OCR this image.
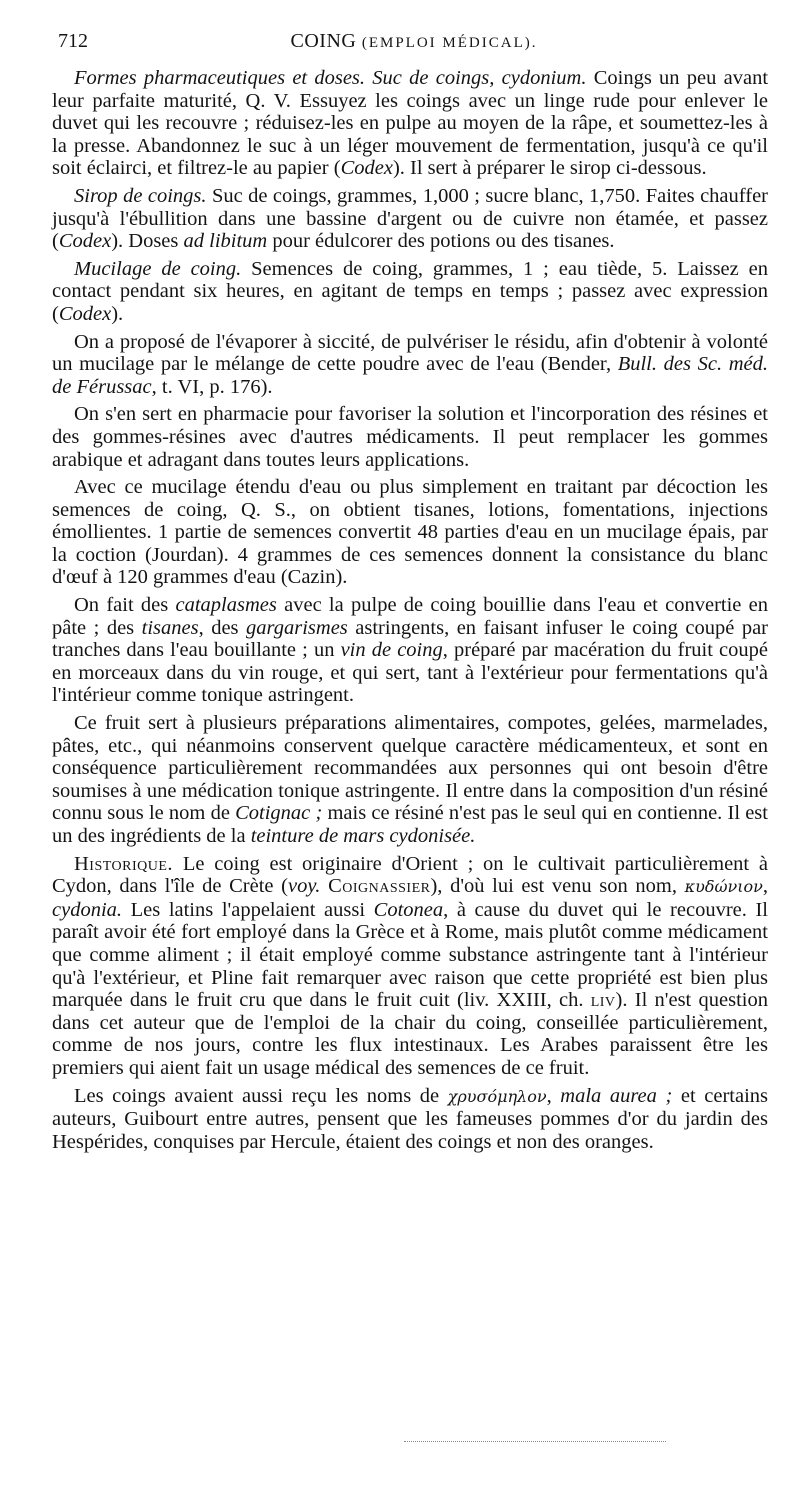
712	COING (EMPLOI MÉDICAL).

Formes pharmaceutiques et doses. Suc de coings, cydonium. Coings un peu avant leur parfaite maturité, Q. V. Essuyez les coings avec un linge rude pour enlever le duvet qui les recouvre ; réduisez-les en pulpe au moyen de la râpe, et soumettez-les à la presse. Abandonnez le suc à un léger mouvement de fermentation, jusqu'à ce qu'il soit éclairci, et filtrez-le au papier (Codex). Il sert à préparer le sirop ci-dessous.

Sirop de coings. Suc de coings, grammes, 1,000 ; sucre blanc, 1,750. Faites chauffer jusqu'à l'ébullition dans une bassine d'argent ou de cuivre non étamée, et passez (Codex). Doses ad libitum pour édulcorer des potions ou des tisanes.

Mucilage de coing. Semences de coing, grammes, 1 ; eau tiède, 5. Laissez en contact pendant six heures, en agitant de temps en temps ; passez avec expression (Codex).

On a proposé de l'évaporer à siccité, de pulvériser le résidu, afin d'obtenir à volonté un mucilage par le mélange de cette poudre avec de l'eau (Bender, Bull. des Sc. méd. de Férussac, t. VI, p. 176).

On s'en sert en pharmacie pour favoriser la solution et l'incorporation des résines et des gommes-résines avec d'autres médicaments. Il peut remplacer les gommes arabique et adragant dans toutes leurs applications.

Avec ce mucilage étendu d'eau ou plus simplement en traitant par décoction les semences de coing, Q. S., on obtient tisanes, lotions, fomentations, injections émollientes. 1 partie de semences convertit 48 parties d'eau en un mucilage épais, par la coction (Jourdan). 4 grammes de ces semences donnent la consistance du blanc d'œuf à 120 grammes d'eau (Cazin).

On fait des cataplasmes avec la pulpe de coing bouillie dans l'eau et convertie en pâte ; des tisanes, des gargarismes astringents, en faisant infuser le coing coupé par tranches dans l'eau bouillante ; un vin de coing, préparé par macération du fruit coupé en morceaux dans du vin rouge, et qui sert, tant à l'extérieur pour fermentations qu'à l'intérieur comme tonique astringent.

Ce fruit sert à plusieurs préparations alimentaires, compotes, gelées, marmelades, pâtes, etc., qui néanmoins conservent quelque caractère médicamenteux, et sont en conséquence particulièrement recommandées aux personnes qui ont besoin d'être soumises à une médication tonique astringente. Il entre dans la composition d'un résiné connu sous le nom de Cotignac ; mais ce résiné n'est pas le seul qui en contienne. Il est un des ingrédients de la teinture de mars cydonisée.

Historique. Le coing est originaire d'Orient ; on le cultivait particulièrement à Cydon, dans l'île de Crète (voy. Coignassier), d'où lui est venu son nom, κυδώνιον, cydonia. Les latins l'appelaient aussi Cotonea, à cause du duvet qui le recouvre. Il paraît avoir été fort employé dans la Grèce et à Rome, mais plutôt comme médicament que comme aliment ; il était employé comme substance astringente tant à l'intérieur qu'à l'extérieur, et Pline fait remarquer avec raison que cette propriété est bien plus marquée dans le fruit cru que dans le fruit cuit (liv. XXIII, ch. liv). Il n'est question dans cet auteur que de l'emploi de la chair du coing, conseillée particulièrement, comme de nos jours, contre les flux intestinaux. Les Arabes paraissent être les premiers qui aient fait un usage médical des semences de ce fruit.

Les coings avaient aussi reçu les noms de χρυσόμηλον, mala aurea ; et certains auteurs, Guibourt entre autres, pensent que les fameuses pommes d'or du jardin des Hespérides, conquises par Hercule, étaient des coings et non des oranges.
